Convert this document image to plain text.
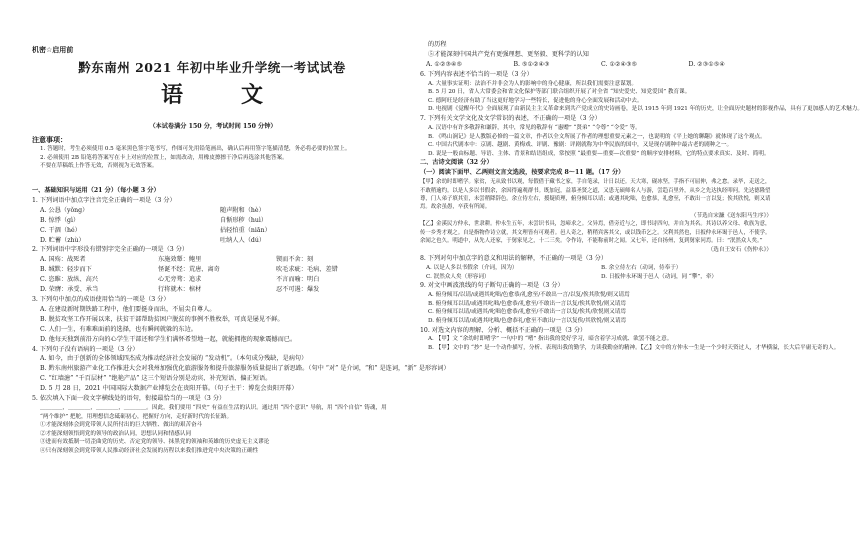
机密☆启用前
黔东南州 2021 年初中毕业升学统一考试试卷
语　文
（本试卷满分 150 分，考试时间 150 分钟）
注意事项：
1. 答题时，考生必须使用 0.5 毫米黑色签字笔书写，作图可先用铅笔画出，确认后再用签字笔描清楚，务必将必要的位置上。
2. 必须使用 2B 铅笔将答案写在卡上对应的位置上，如需改动，用橡皮擦擦干净后再选涂其他答案。
不要在草稿纸上作答无效，否则视为无效答案。
一、基础知识与运用（21 分）（每小题 3 分）
1. 下列词语中加点字注音完全正确的一项是（3 分）
A. 公恳（yǒng）	随声附和（hè）
B. 惊悸（gì）	自惭形秽（huì）
C. 干涸（hé）	拈轻怕重（niān）
D. 贮蓄（zhù）	吐纳人人（dú）
2. 下列词语中字形没有错别字完全正确的一项是（3 分）
A. 国殇：战死者	东施效颦：鲍里	锲而不舍：刻
B. 缄默：轻步而下	怪诞不经：荒唐、离奇	吹毛求疵：毛病、差错
C. 恣睢：放纵、高兴	心无旁骛：追求	不言而喻：明白
D. 荣膺：承受、承当	行将就木：棺材	忍不可遏：爆发
3. 下列句中加点的成语使用恰当的一项是（3 分）
A. 在建设新时期铁路工程中，他们要挺身而出，不屈尖自尊人。
B. 脱贫攻坚工作开展以来，扶贫干部帮助贫困户脱贫的事例不胜枚举，可真是屡见不鲜。
C. 人们一生，有难难面前的选择，也有瞬间就躲的东边。
D. 他每天独到前沿方向的心学生干部还和学生们满怀希望地一起，就能拥抱的现象震撼而已。
4. 下列句子没有语病的一项是（3 分）
A. 如今，由于创新的全体领域四杰成为推动经济社会发展的 “发动机”。（本句成分残缺，是病句）
B. 黔东南州旅游产业化工作推进大会对我州加强优化旅游服务和提升旅游服务质量提出了新思路。（句中 “对” 是介词，“和” 是连词，“新” 是形容词）
C. “红墙溏” “千百层材” “绝艳产品” 这三个短语分别是动宾、补充短语、偏正短语。
D. 5 月 28 日，2021 中国国际大数据产业博览会在贵阳开幕。（句子主干：博览会贵阳开幕）
5. 依次填入下面一段文字横线处的语句，衔接最恰当的一项是（3 分）
＿＿＿＿，＿＿＿＿，＿＿＿＿，＿＿＿＿。因此，我们要用 “四史” 有益在生活的认识。通过用 “四个意识” 导航，用 “四个自信” 铸魂，用 “两个维护” 把舵，用理想信念砥砺初心，把握好方向，走好新时代的长征路。
①才能深刻体会到党带领人民所付出的巨大牺牲、做出的艰苦奋斗
②才能深刻领悟到党的领导的政治认同，思想认同和情感认同
③进而有效抵制一切歪曲党的历史、否定党的领导、抹黑党的领袖和英雄的历史虚无主义谬论
④只有深刻领会到党带领人民推动经济社会发展的历程以来我们推进党中央决策的正确性
的历程
⑤才能深刻中国共产党有更强理想、更坚毅、更科学的认知
A. ①②③④⑤	B. ⑤①②④③	C. ①②④③⑤	D. ②③①⑤④
6. 下列内容表述不恰当的一项是（3 分）
A. 大量事实证明：法治不并非会为人的影响中的身心健康，所以我们需要注意谋划。
B. 5 月 20 日，省人大常委会和省文化保护等部门联合组织开展了对全省 “知史爱史、知党爱国” 教育课。
C. 德阿旺是经济有助了当这更好地学习一些特长，促进他的身心全面发展和活动中去。
D. 电视剧《觉醒年代》全面展现了由新民主主义革命来到共产党成立的史诗画卷，是以 1915 年到 1921 年的历史，让全面历史题材的影视作品，具有了更加感人的艺术魅力。
7. 下列有关文学文化及文学常识的表述，不正确的一项是（3 分）
A. 汉语中有许多敬辞和谦辞，其中，常见的敬辞有 “惠赠” “贤弟” “令尊” “令爱” 等。
B. 《鸣山涧记》是人教版必修的一篇文章，作者以全文所展了作者的理想重要元素之一，也说明的《平上她的聊翻》就体现了这个观点。
C. 中国古代剧本中：京剧、越剧、黄梅戏、评剧、豫剧：评剧就称为中华民族的国中，又是现存剧种中最古老的剧种之一。
D. 说是一般由标题、导语、主体、背景和结语组成，常按照 “最重要—重要—次重要” 的顺序安排材料，它的特点要求真实、及时、简明。
二、古诗文阅读（32 分）
（一）阅读下面甲、乙两则文言文选段，按要求完成 8～11 题。（17 分）
【甲】余幼时即嗜学。家贫，无从致书以观，每假借于藏书之家，手自笔录，计日以还。天大寒，砚冰坚，手指不可屈伸，弗之怠。录毕，走送之，不敢稍逾约。以是人多以书假余，余因得遍观群书。既加冠，益慕圣贤之道，又患无硕师名人与游，尝趋百里外，从乡之先达执经叩问。先达德隆望尊，门人弟子填其室，未尝稍降辞色。余立侍左右，援疑质理，俯身倾耳以请；或遇其叱咄，色愈恭，礼愈至，不敢出一言以复；俟其欣悦，则又请焉。故余虽愚，卒获有所闻。
（节选自宋濂《送东阳马生序》）
【乙】金溪民方仲永，世隶耕。仲永生五年，未尝识书具，忽啼求之。父异焉，借旁近与之，即书诗四句，并自为其名。其诗以养父母、收族为意，传一乡秀才观之。自是指物作诗立就，其文理皆有可观者。邑人奇之，稍稍宾客其父，或以钱币乞之。父利其然也，日扳仲永环谒于邑人，不使学。余闻之也久。明道中，从先人还家，于舅家见之，十二三矣。令作诗，不能称前时之闻。又七年，还自扬州，复到舅家问焉。曰：“泯然众人矣。”
（选自王安石《伤仲永》）
8. 下列对句中加点字的意义和用法的解释，不正确的一项是（3 分）
A. 以是人多以书假余（介词，因为）	B. 余立侍左右（动词，侍奉于）
C. 泯然众人矣（形容词）	D. 日扳仲永环谒于邑人（动词，同 “攀”，牵）
9. 对文中画波浪线的句子断句正确的一项是（3 分）
A. 俯身倾耳/以请/或遇其叱咄/色愈恭/礼愈至/不敢出一言/以复/俟其欣悦/则又请焉
B. 俯身倾耳以请/或遇其叱咄/色愈恭/礼愈至/不敢出一言以复/俟其欣悦/则又请焉
C. 俯身倾耳以请/或遇其/叱咄色愈恭/礼愈至/不敢出一言以复/俟其/欣悦则又请焉
D. 俯身倾耳以请/或遇其叱咄/色愈恭礼/愈至不敢出/一言以复俟/其欣悦/则又请焉
10. 对选文内容的理解、分析、概括不正确的一项是（3 分）
A. 【甲】文 “余幼时即嗜学” 一句中的 “嗜” 指出我的爱好学习，暗含着学习成就、欲罢不能之意。
B. 【甲】文中的 “抄” 是一个动作描写，分析、表现出我的勤学，力读我勤奋的精神。【乙】文中的方仲永一生是一个少时天资过人，才华横溢，长大后平庸无奇的人。
